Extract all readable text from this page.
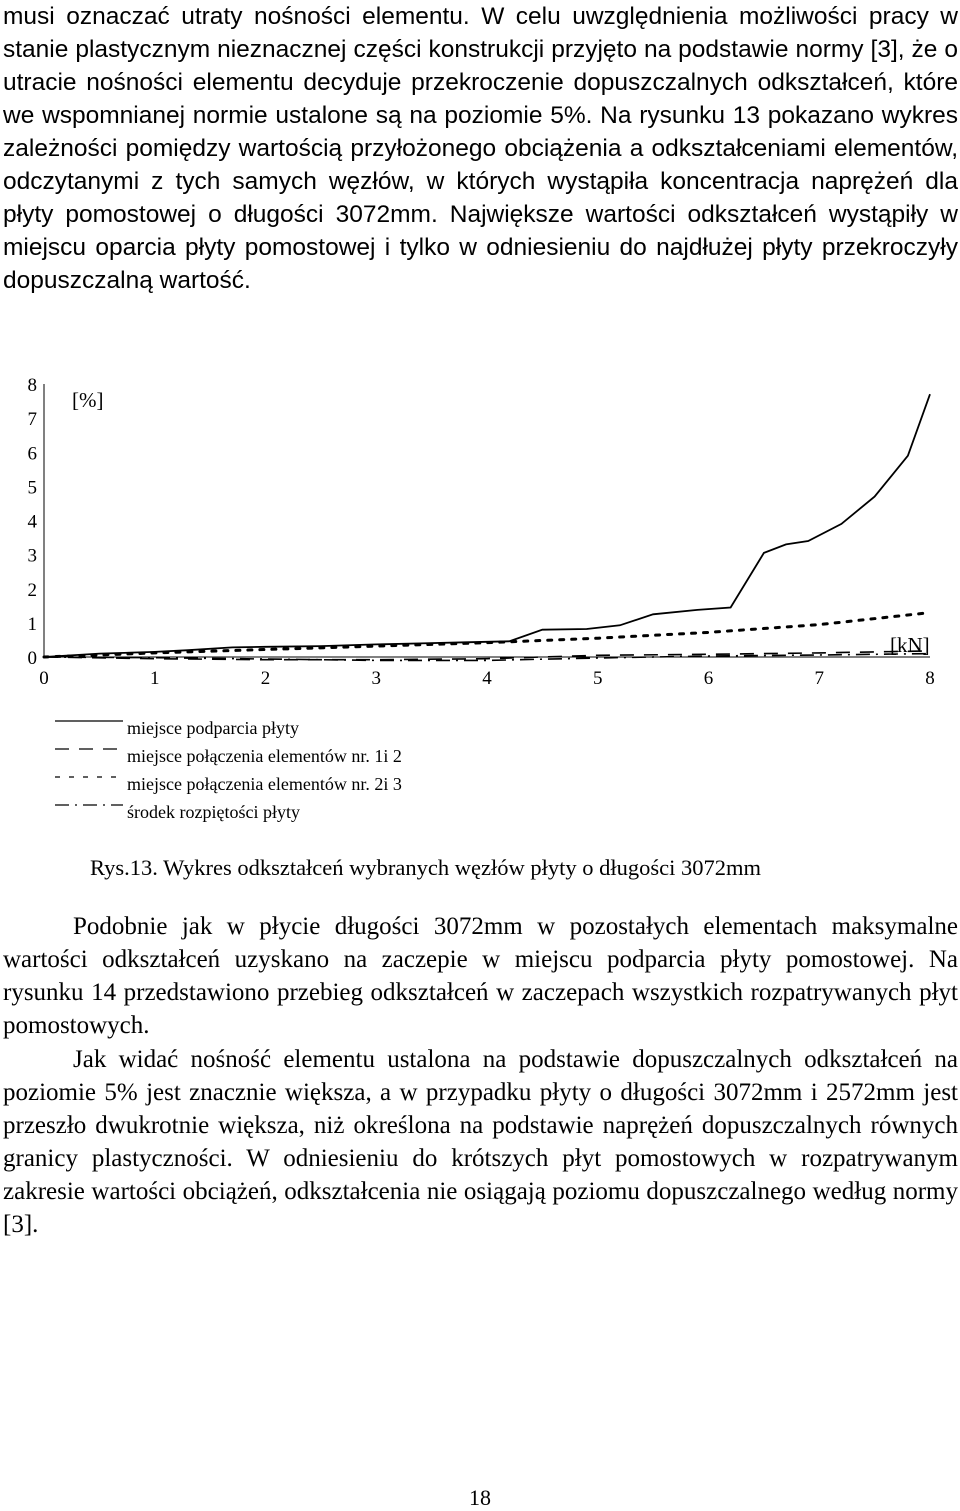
musi oznaczać utraty nośności elementu. W celu uwzględnienia możliwości pracy w stanie plastycznym nieznacznej części konstrukcji przyjęto na podstawie normy [3], że o utracie nośności elementu decyduje przekroczenie dopuszczalnych odkształceń, które we wspomnianej normie ustalone są na poziomie 5%. Na rysunku 13 pokazano wykres zależności pomiędzy wartością przyłożonego obciążenia a odkształceniami elementów, odczytanymi z tych samych węzłów, w których wystąpiła koncentracja naprężeń dla płyty pomostowej o długości 3072mm. Największe wartości odkształceń wystąpiły w miejscu oparcia płyty pomostowej i tylko w odniesieniu do najdłużej płyty przekroczyły dopuszczalną wartość.

0	1	2	3	4	5	6	7	8
0
1
2
3
4
5
6
7
8
[%]
[kN]
miejsce podparcia płyty
miejsce połączenia elementów nr. 1i 2
miejsce połączenia elementów nr. 2i 3
środek rozpiętości płyty
Rys.13. Wykres odkształceń wybranych węzłów płyty o długości 3072mm

Podobnie jak w płycie długości 3072mm w pozostałych elementach maksymalne wartości odkształceń uzyskano na zaczepie w miejscu podparcia płyty pomostowej. Na rysunku 14 przedstawiono przebieg odkształceń w zaczepach wszystkich rozpatrywanych płyt pomostowych.

Jak widać nośność elementu ustalona na podstawie dopuszczalnych odkształceń na poziomie 5% jest znacznie większa, a w przypadku płyty o długości 3072mm i 2572mm jest przeszło dwukrotnie większa, niż określona na podstawie naprężeń dopuszczalnych równych granicy plastyczności. W odniesieniu do krótszych płyt pomostowych w rozpatrywanym zakresie wartości obciążeń, odkształcenia nie osiągają poziomu dopuszczalnego według normy [3].

18
